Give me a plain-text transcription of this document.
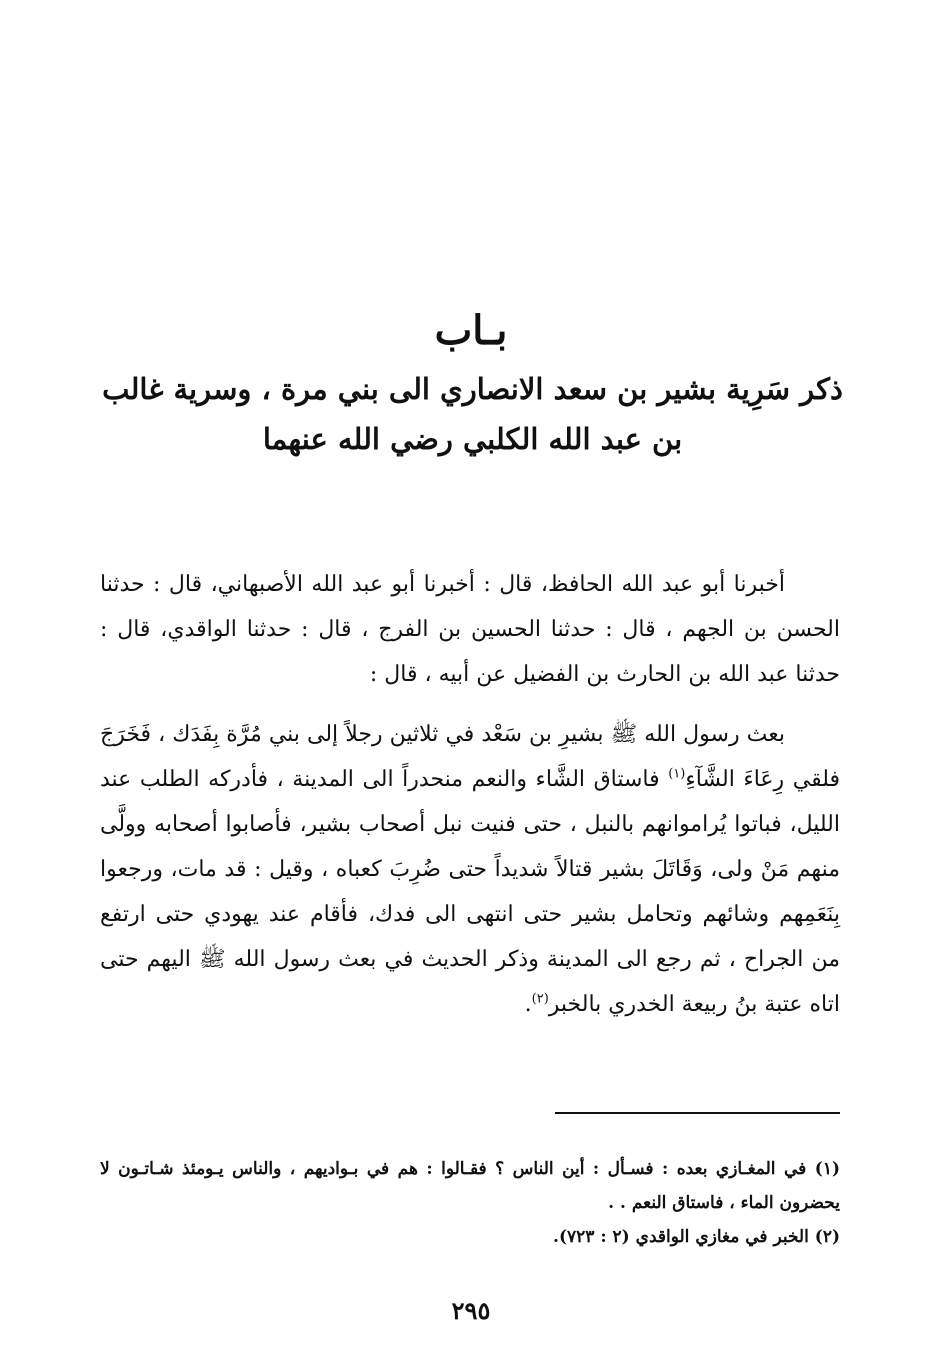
بـاب
ذكر سَرِية بشير بن سعد الانصاري الى بني مرة ، وسرية غالب بن عبد الله الكلبي رضي الله عنهما

أخبرنا أبو عبد الله الحافظ، قال : أخبرنا أبو عبد الله الأصبهاني، قال : حدثنا الحسن بن الجهم ، قال : حدثنا الحسين بن الفرج ، قال : حدثنا الواقدي، قال : حدثنا عبد الله بن الحارث بن الفضيل عن أبيه ، قال :

بعث رسول الله ﷺ بشيرِ بن سَعْد في ثلاثين رجلاً إلى بني مُرَّة بِفَدَك ، فَخَرَجَ فلقي رِعَاءَ الشَّآءِ$^{(١)}$ فاستاق الشَّاء والنعم منحدراً الى المدينة ، فأدركه الطلب عند الليل، فباتوا يُراموانهم بالنبل ، حتى فنيت نبل أصحاب بشير، فأصابوا أصحابه وولَّى منهم مَنْ ولى، وَقَاتَلَ بشير قتالاً شديداً حتى ضُرِبَ كعباه ، وقيل : قد مات، ورجعوا بِنَعَمِهم وشائهم وتحامل بشير حتى انتهى الى فدك، فأقام عند يهودي حتى ارتفع من الجراح ، ثم رجع الى المدينة وذكر الحديث في بعث رسول الله ﷺ اليهم حتى اتاه عتبة بنُ ربيعة الخدري بالخبر$^{(٢)}$.

(١) في المغـازي بعده : فسـأل : أين الناس ؟ فقـالوا : هم في بـواديهم ، والناس يـومئذ شـاتـون لا يحضرون الماء ، فاستاق النعم . .

(٢) الخبر في مغازي الواقدي (٢ : ٧٢٣).

٢٩٥
